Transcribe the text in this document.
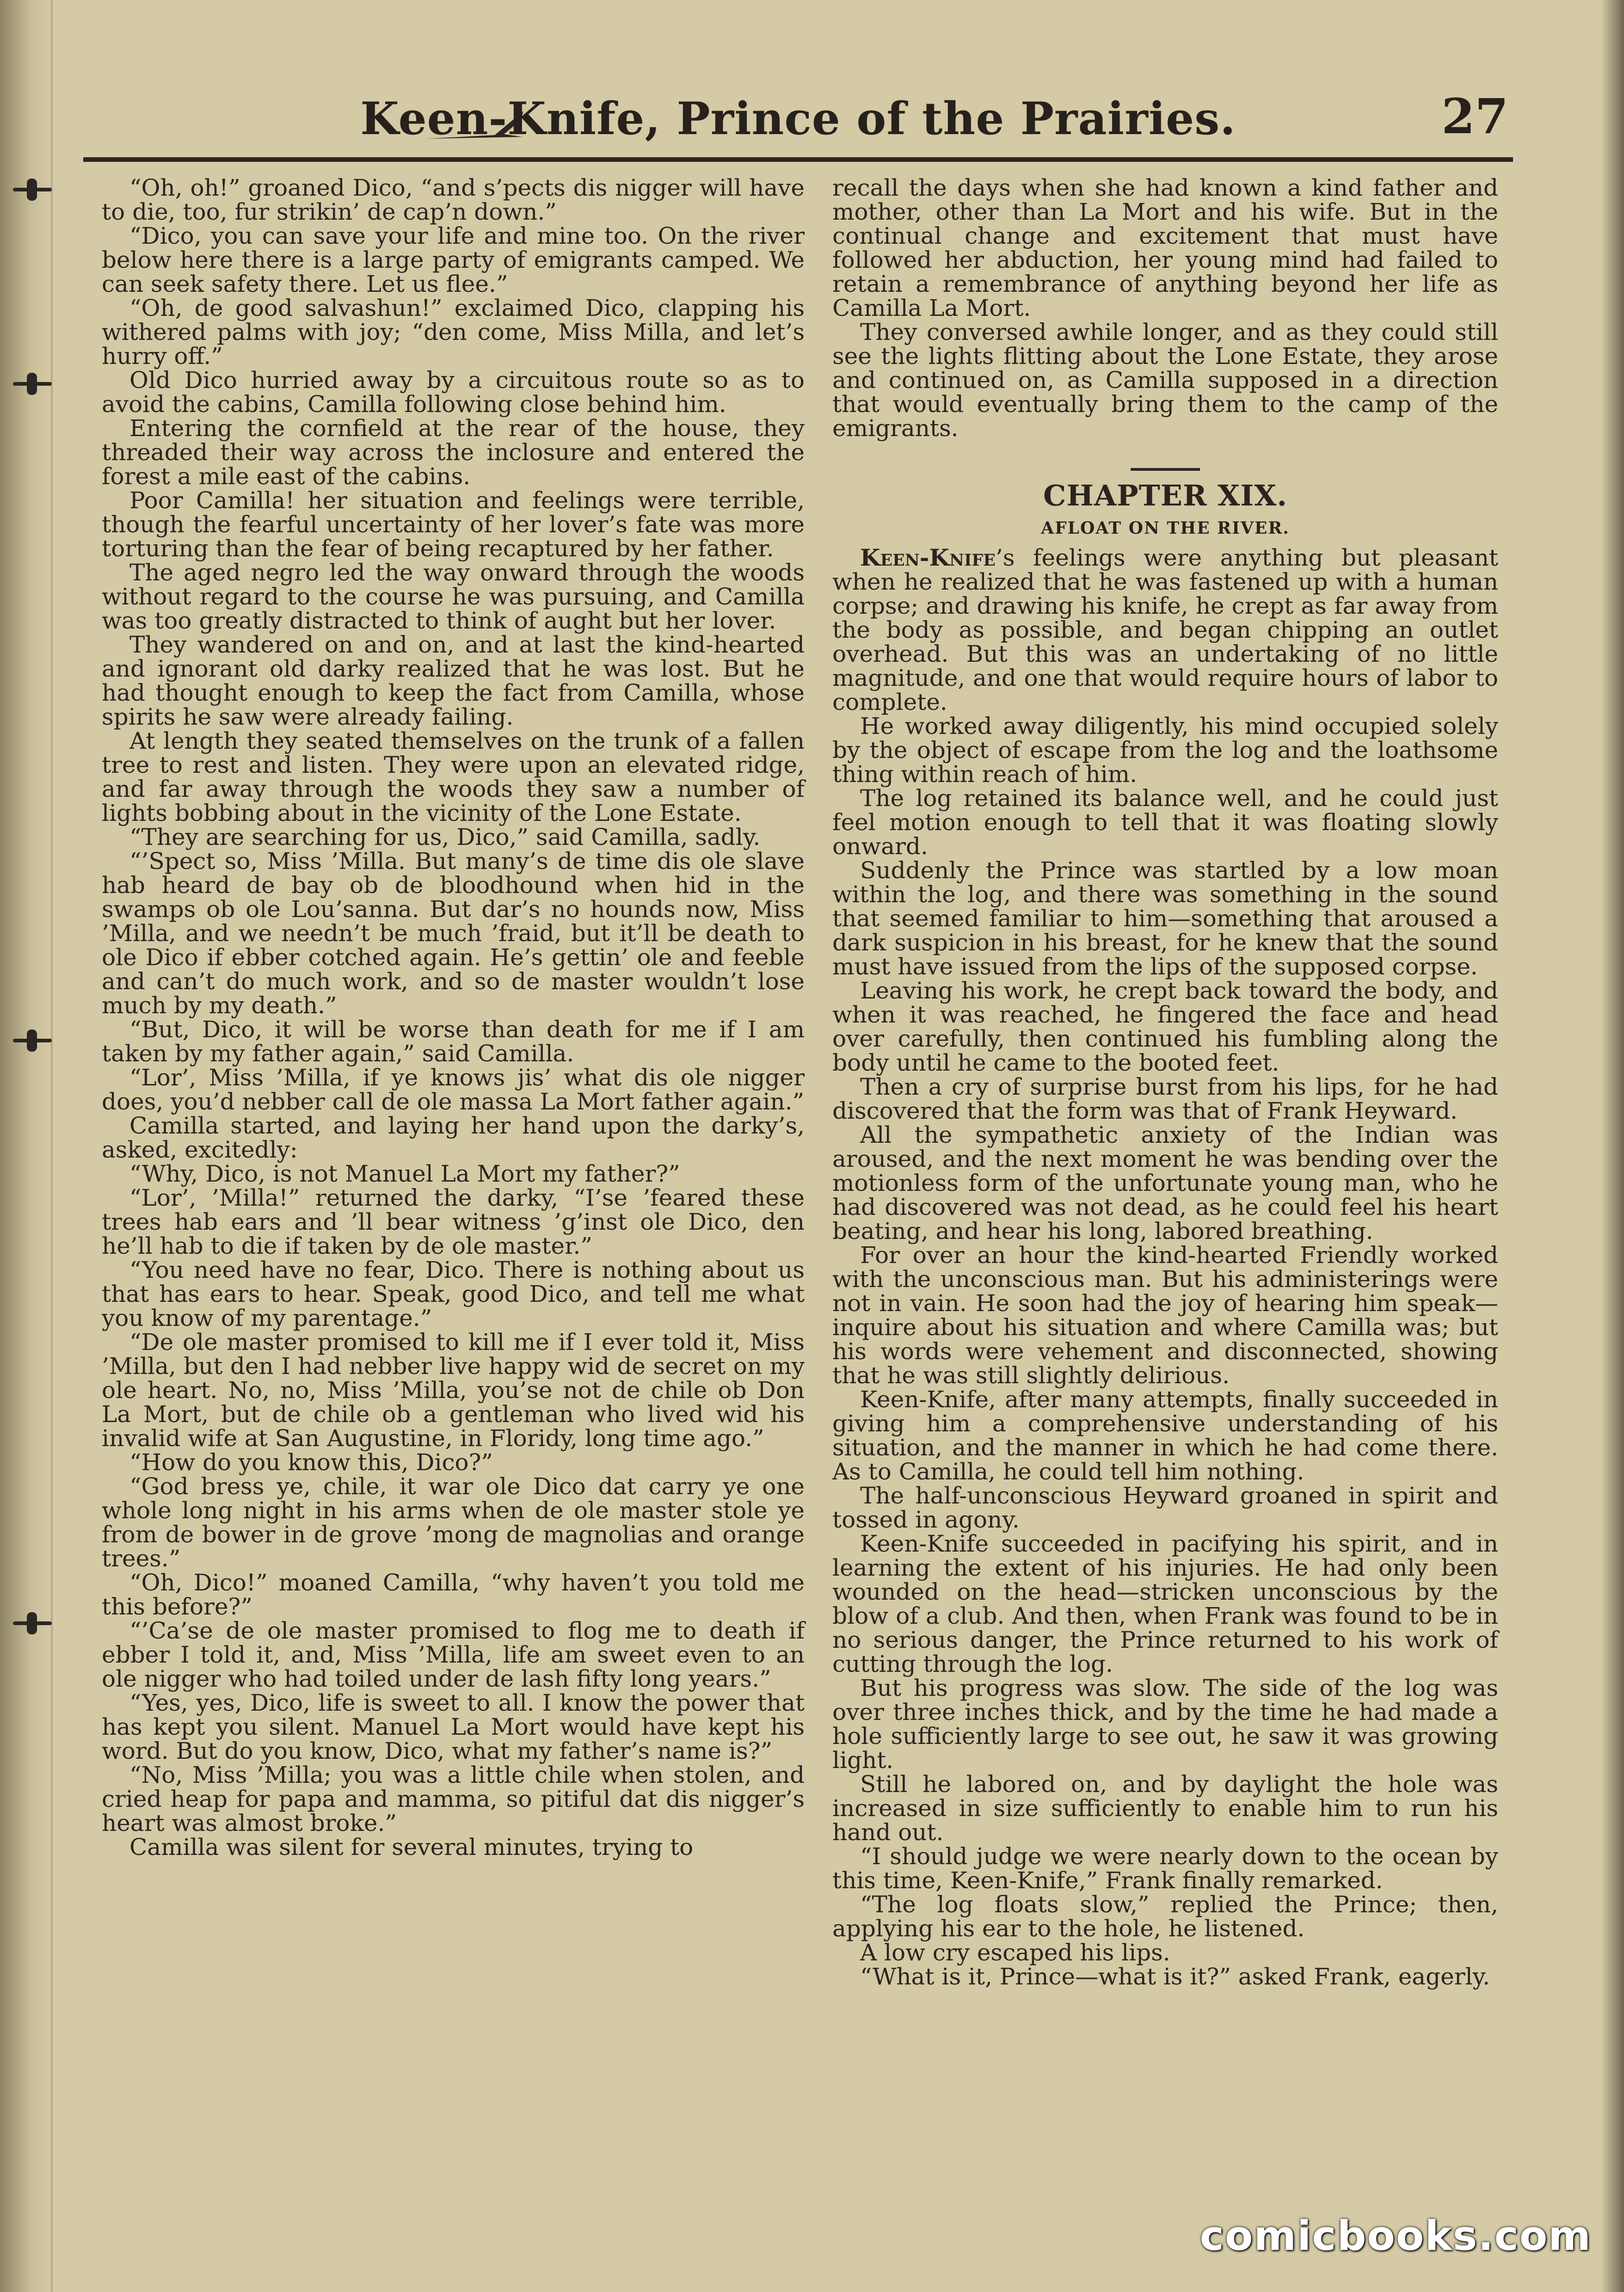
Keen-Knife, Prince of the Prairies.	27

“Oh, oh!” groaned Dico, “and s’pects dis nigger will have to die, too, fur strikin’ de cap’n down.”

“Dico, you can save your life and mine too. On the river below here there is a large party of emigrants camped. We can seek safety there. Let us flee.”

“Oh, de good salvashun!” exclaimed Dico, clapping his withered palms with joy; “den come, Miss Milla, and let’s hurry off.”

Old Dico hurried away by a circuitous route so as to avoid the cabins, Camilla following close behind him.

Entering the cornfield at the rear of the house, they threaded their way across the inclosure and entered the forest a mile east of the cabins.

Poor Camilla! her situation and feelings were terrible, though the fearful uncertainty of her lover’s fate was more torturing than the fear of being recaptured by her father.

The aged negro led the way onward through the woods without regard to the course he was pursuing, and Camilla was too greatly distracted to think of aught but her lover.

They wandered on and on, and at last the kind-hearted and ignorant old darky realized that he was lost. But he had thought enough to keep the fact from Camilla, whose spirits he saw were already failing.

At length they seated themselves on the trunk of a fallen tree to rest and listen. They were upon an elevated ridge, and far away through the woods they saw a number of lights bobbing about in the vicinity of the Lone Estate.

“They are searching for us, Dico,” said Camilla, sadly.

“’Spect so, Miss ’Milla. But many’s de time dis ole slave hab heard de bay ob de bloodhound when hid in the swamps ob ole Lou’sanna. But dar’s no hounds now, Miss ’Milla, and we needn’t be much ’fraid, but it’ll be death to ole Dico if ebber cotched again. He’s gettin’ ole and feeble and can’t do much work, and so de master wouldn’t lose much by my death.”

“But, Dico, it will be worse than death for me if I am taken by my father again,” said Camilla.

“Lor’, Miss ’Milla, if ye knows jis’ what dis ole nigger does, you’d nebber call de ole massa La Mort father again.”

Camilla started, and laying her hand upon the darky’s, asked, excitedly:

“Why, Dico, is not Manuel La Mort my father?”

“Lor’, ’Milla!” returned the darky, “I’se ’feared these trees hab ears and ’ll bear witness ’g’inst ole Dico, den he’ll hab to die if taken by de ole master.”

“You need have no fear, Dico. There is nothing about us that has ears to hear. Speak, good Dico, and tell me what you know of my parentage.”

“De ole master promised to kill me if I ever told it, Miss ’Milla, but den I had nebber live happy wid de secret on my ole heart. No, no, Miss ’Milla, you’se not de chile ob Don La Mort, but de chile ob a gentleman who lived wid his invalid wife at San Augustine, in Floridy, long time ago.”

“How do you know this, Dico?”

“God bress ye, chile, it war ole Dico dat carry ye one whole long night in his arms when de ole master stole ye from de bower in de grove ’mong de magnolias and orange trees.”

“Oh, Dico!” moaned Camilla, “why haven’t you told me this before?”

“’Ca’se de ole master promised to flog me to death if ebber I told it, and, Miss ’Milla, life am sweet even to an ole nigger who had toiled under de lash fifty long years.”

“Yes, yes, Dico, life is sweet to all. I know the power that has kept you silent. Manuel La Mort would have kept his word. But do you know, Dico, what my father’s name is?”

“No, Miss ’Milla; you was a little chile when stolen, and cried heap for papa and mamma, so pitiful dat dis nigger’s heart was almost broke.”

Camilla was silent for several minutes, trying to

recall the days when she had known a kind father and mother, other than La Mort and his wife. But in the continual change and excitement that must have followed her abduction, her young mind had failed to retain a remembrance of anything beyond her life as Camilla La Mort.

They conversed awhile longer, and as they could still see the lights flitting about the Lone Estate, they arose and continued on, as Camilla supposed in a direction that would eventually bring them to the camp of the emigrants.

CHAPTER XIX.
AFLOAT ON THE RIVER.

Keen-Knife’s feelings were anything but pleasant when he realized that he was fastened up with a human corpse; and drawing his knife, he crept as far away from the body as possible, and began chipping an outlet overhead. But this was an undertaking of no little magnitude, and one that would require hours of labor to complete.

He worked away diligently, his mind occupied solely by the object of escape from the log and the loathsome thing within reach of him.

The log retained its balance well, and he could just feel motion enough to tell that it was floating slowly onward.

Suddenly the Prince was startled by a low moan within the log, and there was something in the sound that seemed familiar to him—something that aroused a dark suspicion in his breast, for he knew that the sound must have issued from the lips of the supposed corpse.

Leaving his work, he crept back toward the body, and when it was reached, he fingered the face and head over carefully, then continued his fumbling along the body until he came to the booted feet.

Then a cry of surprise burst from his lips, for he had discovered that the form was that of Frank Heyward.

All the sympathetic anxiety of the Indian was aroused, and the next moment he was bending over the motionless form of the unfortunate young man, who he had discovered was not dead, as he could feel his heart beating, and hear his long, labored breathing.

For over an hour the kind-hearted Friendly worked with the unconscious man. But his administerings were not in vain. He soon had the joy of hearing him speak—inquire about his situation and where Camilla was; but his words were vehement and disconnected, showing that he was still slightly delirious.

Keen-Knife, after many attempts, finally succeeded in giving him a comprehensive understanding of his situation, and the manner in which he had come there. As to Camilla, he could tell him nothing.

The half-unconscious Heyward groaned in spirit and tossed in agony.

Keen-Knife succeeded in pacifying his spirit, and in learning the extent of his injuries. He had only been wounded on the head—stricken unconscious by the blow of a club. And then, when Frank was found to be in no serious danger, the Prince returned to his work of cutting through the log.

But his progress was slow. The side of the log was over three inches thick, and by the time he had made a hole sufficiently large to see out, he saw it was growing light.

Still he labored on, and by daylight the hole was increased in size sufficiently to enable him to run his hand out.

“I should judge we were nearly down to the ocean by this time, Keen-Knife,” Frank finally remarked.

“The log floats slow,” replied the Prince; then, applying his ear to the hole, he listened.

A low cry escaped his lips.

“What is it, Prince—what is it?” asked Frank, eagerly.

comicbooks.com
